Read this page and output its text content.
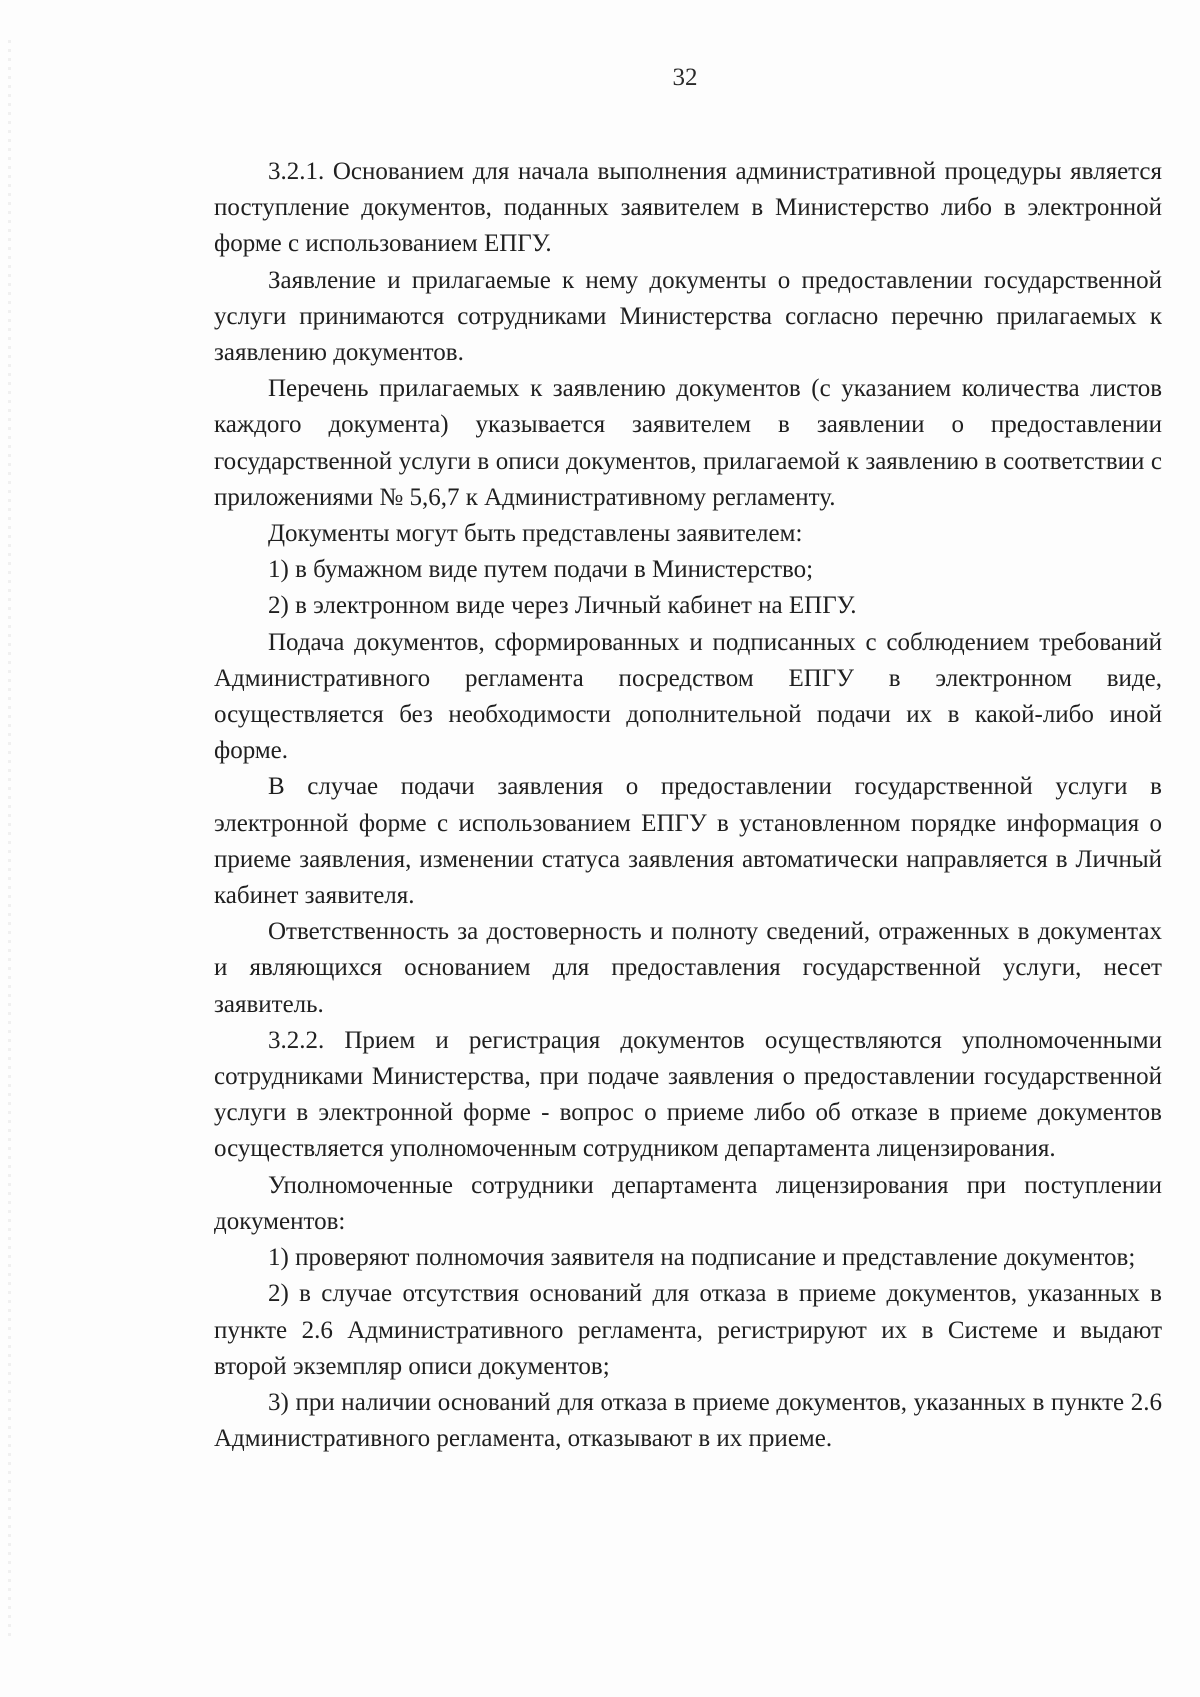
32

3.2.1. Основанием для начала выполнения административной процедуры является поступление документов, поданных заявителем в Министерство либо в электронной форме с использованием ЕПГУ.

Заявление и прилагаемые к нему документы о предоставлении государственной услуги принимаются сотрудниками Министерства согласно перечню прилагаемых к заявлению документов.

Перечень прилагаемых к заявлению документов (с указанием количества листов каждого документа) указывается заявителем в заявлении о предоставлении государственной услуги в описи документов, прилагаемой к заявлению в соответствии с приложениями № 5,6,7 к Административному регламенту.

Документы могут быть представлены заявителем:

1) в бумажном виде путем подачи в Министерство;

2) в электронном виде через Личный кабинет на ЕПГУ.

Подача документов, сформированных и подписанных с соблюдением требований Административного регламента посредством ЕПГУ в электронном виде, осуществляется без необходимости дополнительной подачи их в какой-либо иной форме.

В случае подачи заявления о предоставлении государственной услуги в электронной форме с использованием ЕПГУ в установленном порядке информация о приеме заявления, изменении статуса заявления автоматически направляется в Личный кабинет заявителя.

Ответственность за достоверность и полноту сведений, отраженных в документах и являющихся основанием для предоставления государственной услуги, несет заявитель.

3.2.2. Прием и регистрация документов осуществляются уполномоченными сотрудниками Министерства, при подаче заявления о предоставлении государственной услуги в электронной форме - вопрос о приеме либо об отказе в приеме документов осуществляется уполномоченным сотрудником департамента лицензирования.

Уполномоченные сотрудники департамента лицензирования при поступлении документов:

1) проверяют полномочия заявителя на подписание и представление документов;

2) в случае отсутствия оснований для отказа в приеме документов, указанных в пункте 2.6 Административного регламента, регистрируют их в Системе и выдают второй экземпляр описи документов;

3) при наличии оснований для отказа в приеме документов, указанных в пункте 2.6 Административного регламента, отказывают в их приеме.
